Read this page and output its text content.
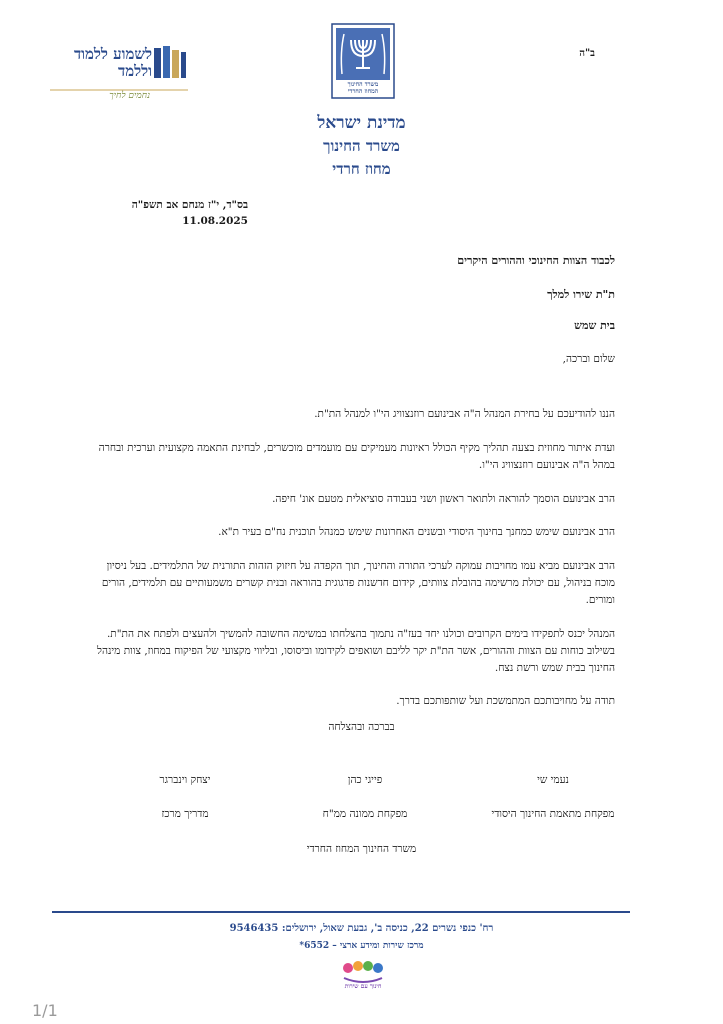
ב"ה
משרד החינוך
המחוז החרדי
לשמוע ללמוד וללמד
נחמים לחיך
מדינת ישראל
משרד החינוך
מחוז חרדי
בס"ד, י"ז מנחם אב תשפ"ה
11.08.2025
לכבוד הצוות החינוכי וההורים היקרים
ת"ת שירו למלך
בית שמש
שלום וברכה,
הננו להודיעכם על בחירת המנהל ה"ה אבינועם רוזנצוויג הי"ו למנהל הת"ת.
ועדת איתור מחוזית בצעה תהליך מקיף הכולל ראיונות מעמיקים עם מועמדים מוכשרים, לבחינת התאמה מקצועית וערכית ובחרה במהל ה"ה אבינועם רוזנצוויג הי"ו.
הרב אבינועם הוסמך להוראה ולתואר ראשון ושני בעבודה סוציאלית מטעם אונ' חיפה.
הרב אבינועם שימש כמחנך בחינוך היסודי ובשנים האחרונות שימש כמנהל תוכנית נח"ם בעיר ת"א.
הרב אבינועם מביא עמו מחויבות עמוקה לערכי התורה והחינוך, תוך הקפדה על חיזוק הזהות התורנית של התלמידים. בעל ניסיון מוכח בניהול, עם יכולת מרשימה בהובלת צוותים, קידום חדשנות פדגוגית בהוראה ובנית קשרים משמעותיים עם תלמידים, הורים ומורים.
המנהל יכנס לתפקידו בימים הקרובים וכולנו יחד בעז"ה נתמוך בהצלחתו במשימה החשובה להמשיך ולהעצים ולפתח את הת"ת. בשילוב כוחות עם הצוות וההורים, אשר הת"ת יקר לליבם ושואפים לקידומו וביסוסו, ובליווי מקצועי של הפיקוח במחוז, צוות מינהל החינוך בבית שמש ורשת נצח.
תודה על מחויבותכם המתמשכת ועל שותפותכם בדרך.
בברכה ובהצלחה
נעמי שי
פייגי כהן
יצחק וינברגר
מפקחת מתאמת החינוך היסודי
מפקחת ממונה ממ"ח
מדריך מרכז
משרד החינוך המחוז החרדי
רח' כנפי נשרים 22, כניסה ב', גבעת שאול, ירושלים: 9546435
מרכז שירות ומידע ארצי – 6552*
חינוך עם שירות
1/1
